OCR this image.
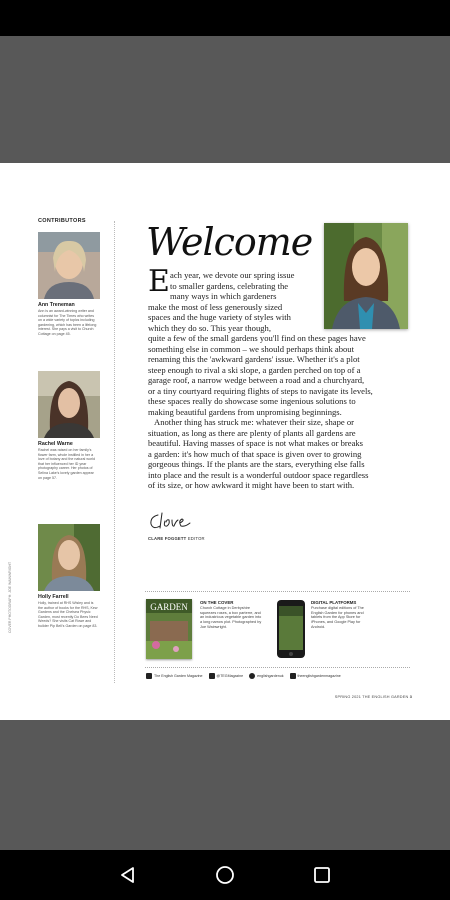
COVER PHOTOGRAPH: JOE WAINWRIGHT
CONTRIBUTORS
Ann Treneman
Ann is an award-winning writer and columnist for The Times who writes on a wide variety of topics including gardening, which has been a lifelong interest. She pays a visit to Church Cottage on page 45.
Rachel Warne
Rachel was raised on her family's flower farm, whole instilled in her a love of botany and the natural world that her influenced her ID year photography career. Her photos of Selina Lake's lovely garden appear on page 57.
Holly Farrell
Holly, trained at RHS Wisley and is the author of books for the RHS, Kew Gardens and the Chelsea Physic Garden, most recently Do Bees Need Weeds? She visits Cat Rowe and builder Pip Bell's Garden on page 83.
Welcome
E ach year, we devote our spring issue
to smaller gardens, celebrating the
many ways in which gardeners
make the most of less generously sized
spaces and the huge variety of styles with
which they do so. This year though,
quite a few of the small gardens you'll find on these pages have
something else in common – we should perhaps think about
renaming this the 'awkward gardens' issue. Whether it's a plot
steep enough to rival a ski slope, a garden perched on top of a
garage roof, a narrow wedge between a road and a churchyard,
or a tiny courtyard requiring flights of steps to navigate its levels,
these spaces really do showcase some ingenious solutions to
making beautiful gardens from unpromising beginnings.
Another thing has struck me: whatever their size, shape or
situation, as long as there are plenty of plants all gardens are
beautiful. Having masses of space is not what makes or breaks
a garden: it's how much of that space is given over to growing
gorgeous things. If the plants are the stars, everything else falls
into place and the result is a wonderful outdoor space regardless
of its size, or how awkward it might have been to start with.
CLARE FOGGETT EDITOR
GARDEN	ON THE COVER
Church Cottage in Derbyshire squeezes roses, a box parterre, and an industrious vegetable garden into a long narrow plot. Photographed by Joe Wainwright.
DIGITAL PLATFORMS
Purchase digital editions of The English Garden for phones and tablets from the App Store for iPhones, and Google Play for Android.
The English Garden Magazine	@TEGMagazine	englishgardenuk	theenglishgardenmagazine
SPRING 2021 THE ENGLISH GARDEN 3
